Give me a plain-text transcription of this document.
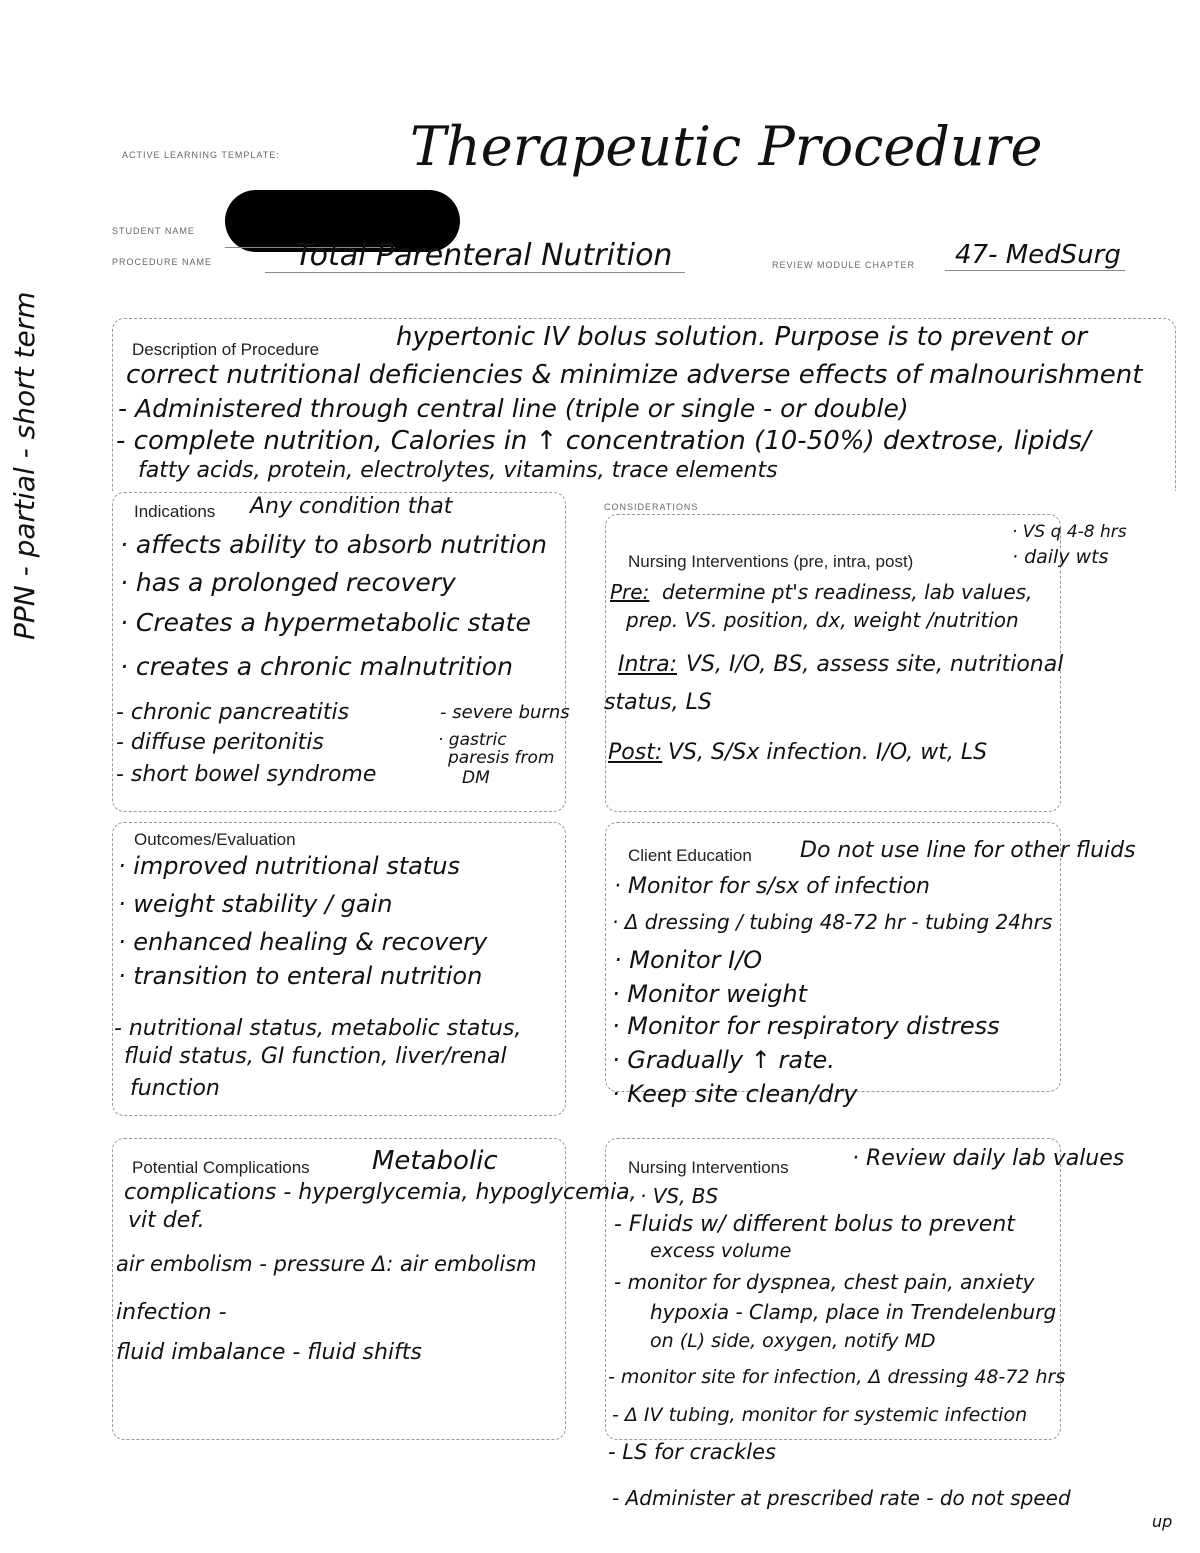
PPN - partial - short term
ACTIVE LEARNING TEMPLATE: Therapeutic Procedure
STUDENT NAME
PROCEDURE NAME	Total Parenteral Nutrition	REVIEW MODULE CHAPTER 47- MedSurg
Description of Procedure	hypertonic IV bolus solution. Purpose is to prevent or
correct nutritional deficiencies & minimize adverse effects of malnourishment
- Administered through central line (triple or single - or double)
- complete nutrition, Calories in ↑ concentration (10-50%) dextrose, lipids/
fatty acids, protein, electrolytes, vitamins, trace elements
Indications Any condition that
· affects ability to absorb nutrition
· has a prolonged recovery
· Creates a hypermetabolic state
· creates a chronic malnutrition
- chronic pancreatitis
- diffuse peritonitis
- short bowel syndrome
- severe burns
· gastric
paresis from
DM
CONSIDERATIONS
· VS q 4-8 hrs
Nursing Interventions (pre, intra, post)	· daily wts
Pre: determine pt's readiness, lab values,
prep. VS. position, dx, weight /nutrition
Intra: VS, I/O, BS, assess site, nutritional
status, LS
Post: VS, S/Sx infection. I/O, wt, LS
Outcomes/Evaluation
· improved nutritional status
· weight stability / gain
· enhanced healing & recovery
· transition to enteral nutrition
- nutritional status, metabolic status,
fluid status, GI function, liver/renal
function
Client Education Do not use line for other fluids
· Monitor for s/sx of infection
· Δ dressing / tubing 48-72 hr - tubing 24hrs
· Monitor I/O
· Monitor weight
· Monitor for respiratory distress
· Gradually ↑ rate.
· Keep site clean/dry
Potential Complications Metabolic
complications - hyperglycemia, hypoglycemia,
vit def.
air embolism - pressure Δ: air embolism
infection -
fluid imbalance - fluid shifts
Nursing Interventions	· Review daily lab values
· VS, BS
- Fluids w/ different bolus to prevent
excess volume
- monitor for dyspnea, chest pain, anxiety
hypoxia - Clamp, place in Trendelenburg
on (L) side, oxygen, notify MD
- monitor site for infection, Δ dressing 48-72 hrs
- Δ IV tubing, monitor for systemic infection
- LS for crackles
- Administer at prescribed rate - do not speed
up
